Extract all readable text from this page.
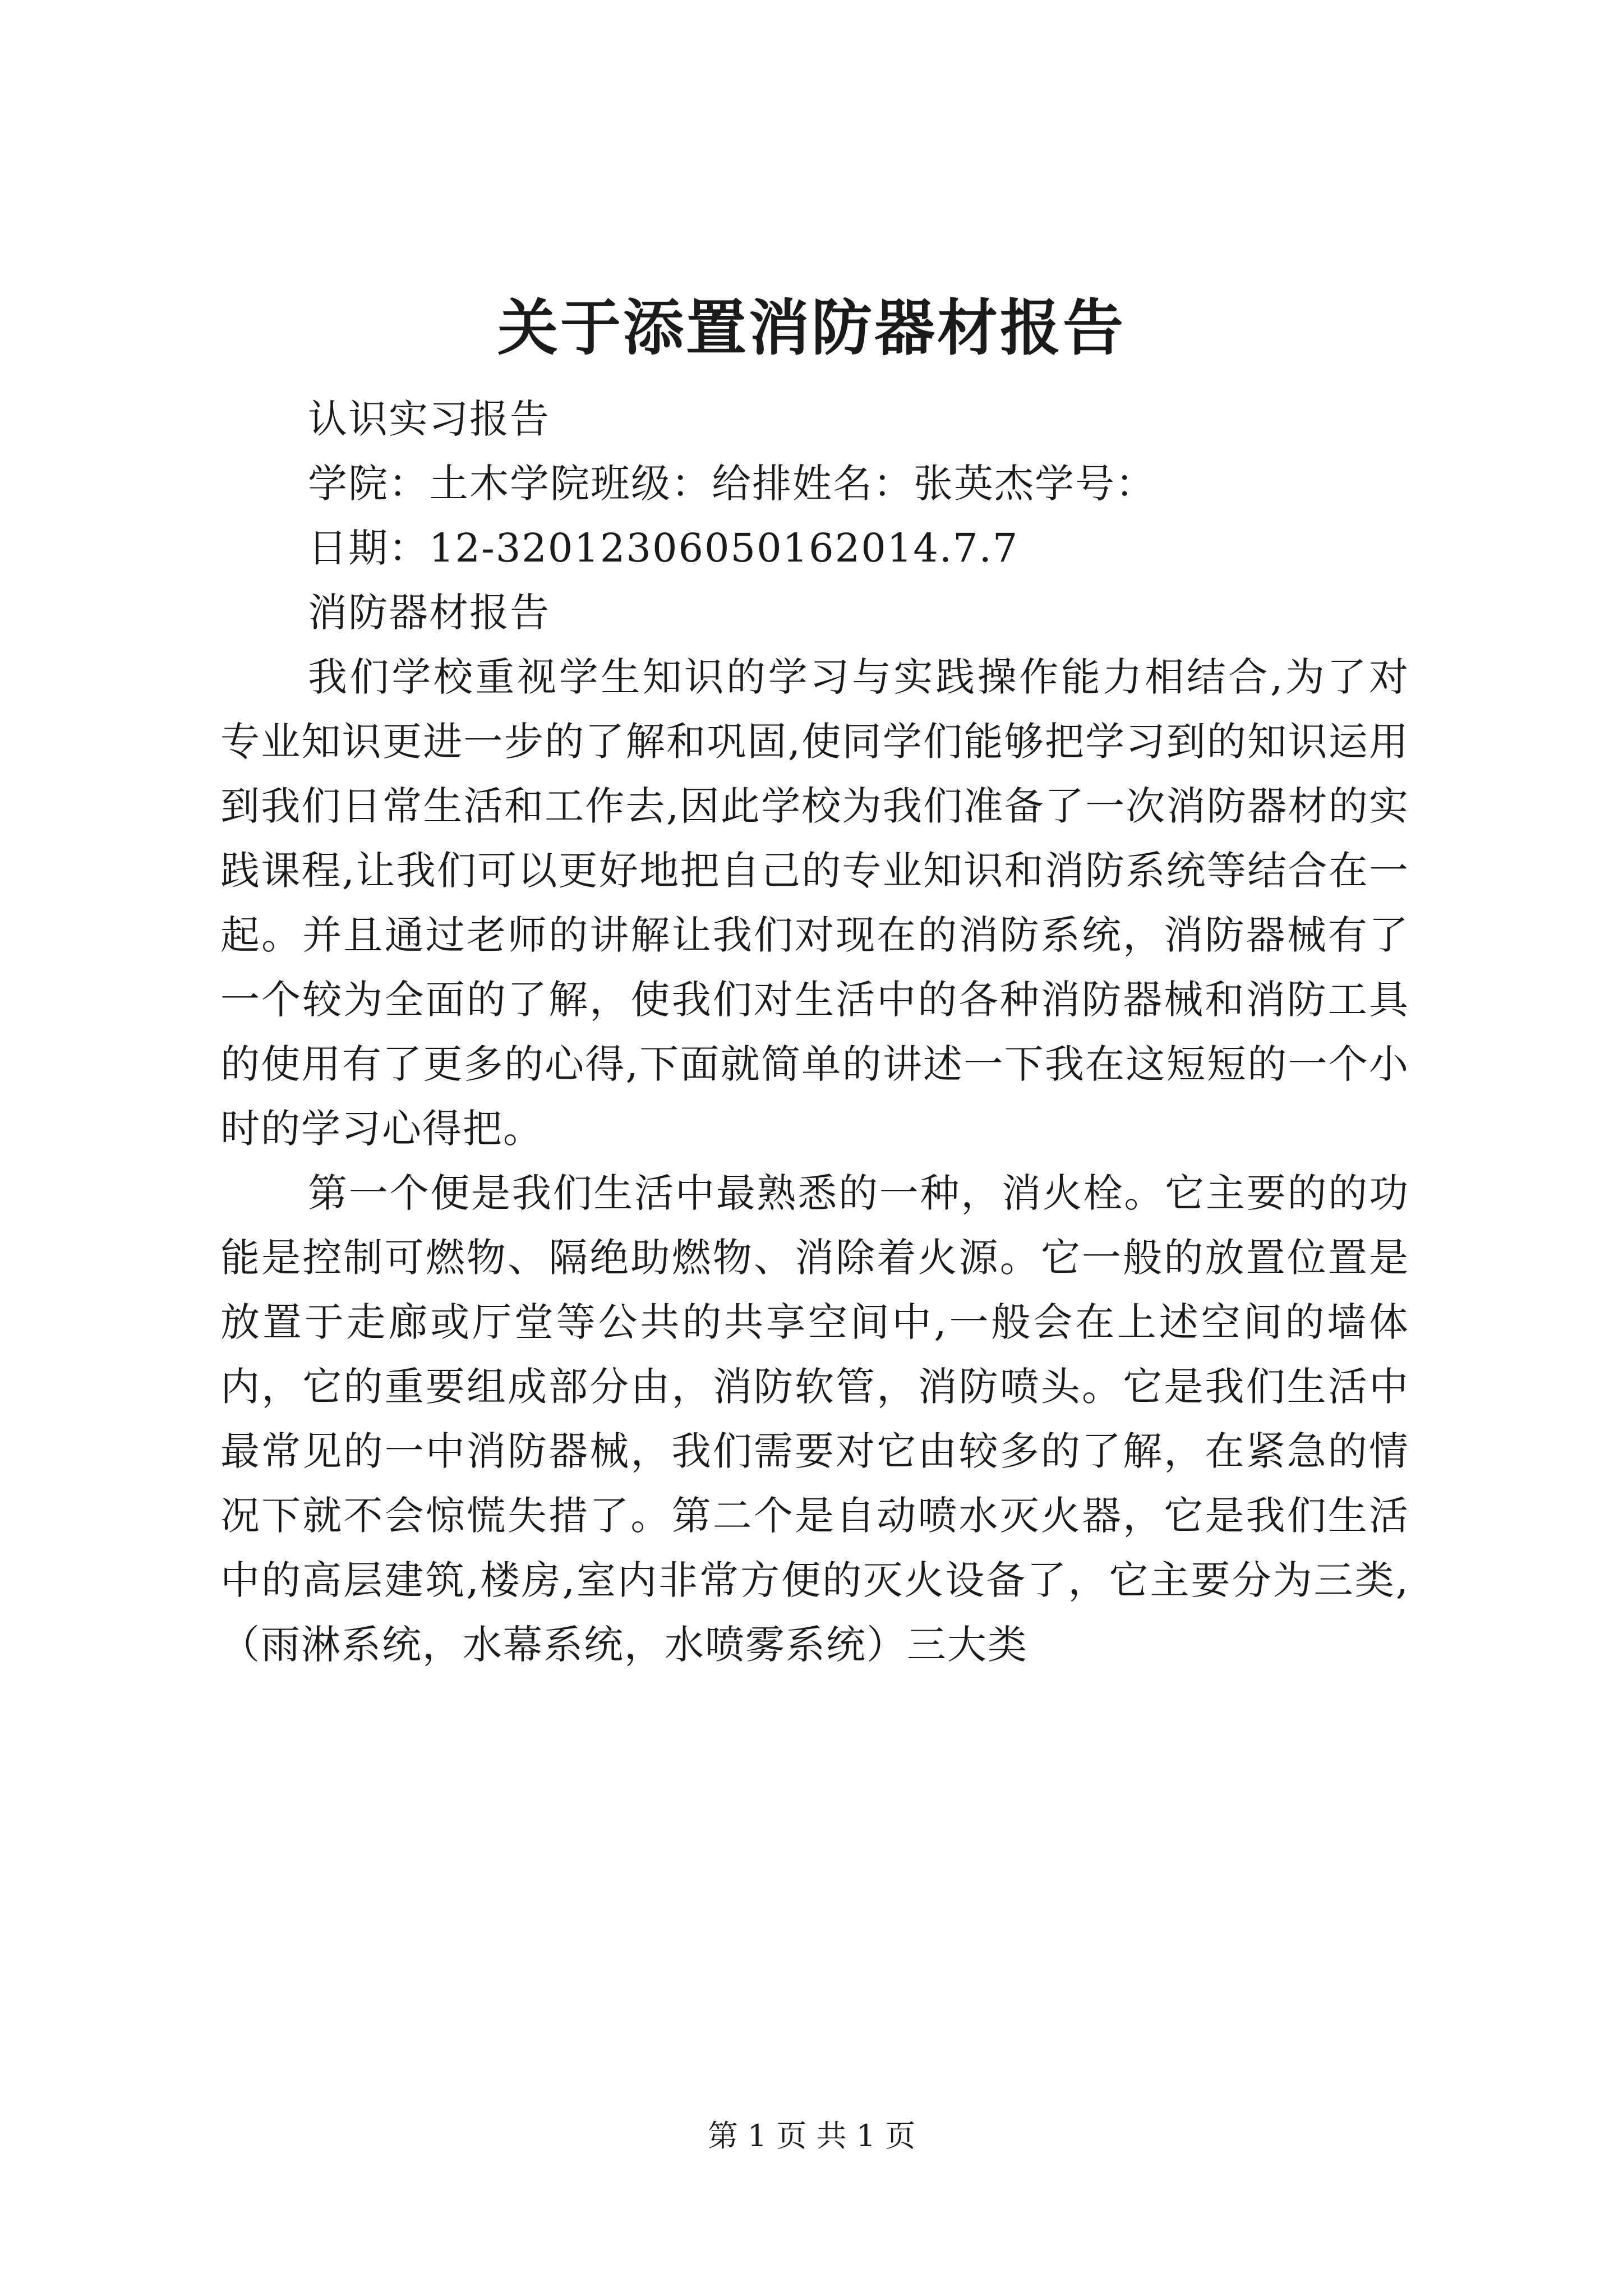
关于添置消防器材报告

认识实习报告

学院：土木学院班级：给排姓名：张英杰学号：

日期：12-32012306050162014.7.7

消防器材报告

我们学校重视学生知识的学习与实践操作能力相结合,为了对专业知识更进一步的了解和巩固,使同学们能够把学习到的知识运用到我们日常生活和工作去,因此学校为我们准备了一次消防器材的实践课程,让我们可以更好地把自己的专业知识和消防系统等结合在一起。并且通过老师的讲解让我们对现在的消防系统，消防器械有了一个较为全面的了解，使我们对生活中的各种消防器械和消防工具的使用有了更多的心得,下面就简单的讲述一下我在这短短的一个小时的学习心得把。

第一个便是我们生活中最熟悉的一种，消火栓。它主要的的功能是控制可燃物、隔绝助燃物、消除着火源。它一般的放置位置是放置于走廊或厅堂等公共的共享空间中,一般会在上述空间的墙体内，它的重要组成部分由，消防软管，消防喷头。它是我们生活中最常见的一中消防器械，我们需要对它由较多的了解，在紧急的情况下就不会惊慌失措了。第二个是自动喷水灭火器，它是我们生活中的高层建筑,楼房,室内非常方便的灭火设备了，它主要分为三类,（雨淋系统，水幕系统，水喷雾系统）三大类

第 1 页 共 1 页
